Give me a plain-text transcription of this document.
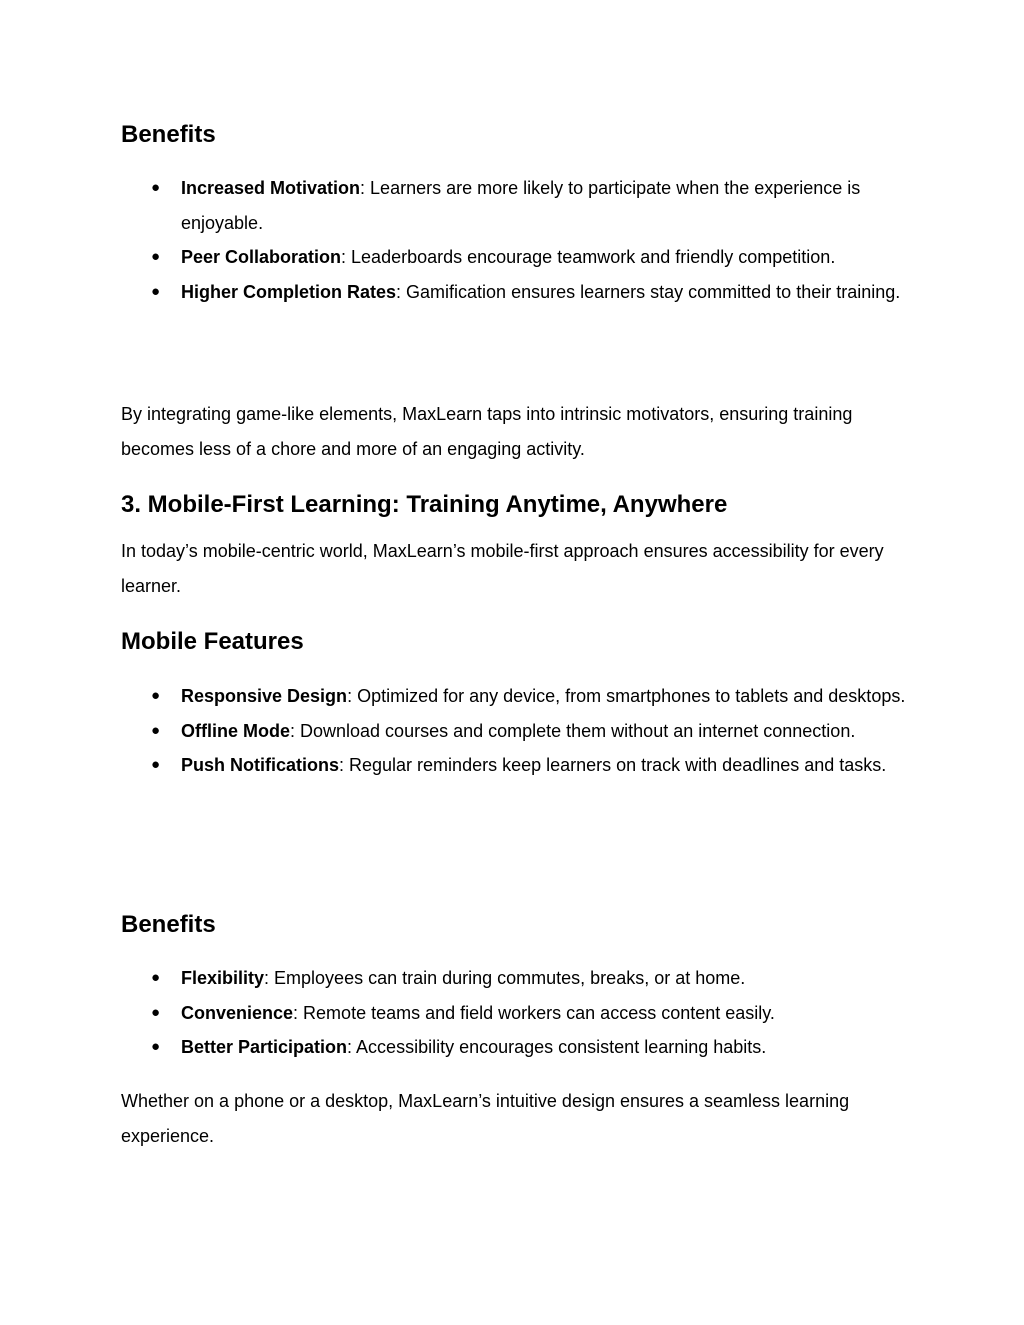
Benefits
● Increased Motivation: Learners are more likely to participate when the experience is enjoyable.
● Peer Collaboration: Leaderboards encourage teamwork and friendly competition.
● Higher Completion Rates: Gamification ensures learners stay committed to their training.

By integrating game-like elements, MaxLearn taps into intrinsic motivators, ensuring training becomes less of a chore and more of an engaging activity.

3. Mobile-First Learning: Training Anytime, Anywhere

In today’s mobile-centric world, MaxLearn’s mobile-first approach ensures accessibility for every learner.

Mobile Features
● Responsive Design: Optimized for any device, from smartphones to tablets and desktops.
● Offline Mode: Download courses and complete them without an internet connection.
● Push Notifications: Regular reminders keep learners on track with deadlines and tasks.
Benefits
● Flexibility: Employees can train during commutes, breaks, or at home.
● Convenience: Remote teams and field workers can access content easily.
● Better Participation: Accessibility encourages consistent learning habits.

Whether on a phone or a desktop, MaxLearn’s intuitive design ensures a seamless learning experience.
